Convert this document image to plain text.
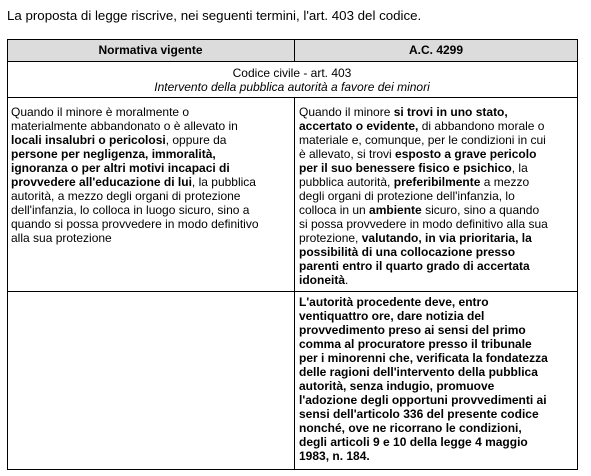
La proposta di legge riscrive, nei seguenti termini, l'art. 403 del codice.
Normativa vigente	A.C. 4299
Codice civile - art. 403
Intervento della pubblica autorità a favore dei minori
Quando il minore è moralmente o
materialmente abbandonato o è allevato in
locali insalubri o pericolosi, oppure da
persone per negligenza, immoralità,
ignoranza o per altri motivi incapaci di
provvedere all'educazione di lui, la pubblica
autorità, a mezzo degli organi di protezione
dell'infanzia, lo colloca in luogo sicuro, sino a
quando si possa provvedere in modo definitivo
alla sua protezione
Quando il minore si trovi in uno stato,
accertato o evidente, di abbandono morale o
materiale e, comunque, per le condizioni in cui
è allevato, si trovi esposto a grave pericolo
per il suo benessere fisico e psichico, la
pubblica autorità, preferibilmente a mezzo
degli organi di protezione dell'infanzia, lo
colloca in un ambiente sicuro, sino a quando
si possa provvedere in modo definitivo alla sua
protezione, valutando, in via prioritaria, la
possibilità di una collocazione presso
parenti entro il quarto grado di accertata
idoneità.
L'autorità procedente deve, entro
ventiquattro ore, dare notizia del
provvedimento preso ai sensi del primo
comma al procuratore presso il tribunale
per i minorenni che, verificata la fondatezza
delle ragioni dell'intervento della pubblica
autorità, senza indugio, promuove
l'adozione degli opportuni provvedimenti ai
sensi dell'articolo 336 del presente codice
nonché, ove ne ricorrano le condizioni,
degli articoli 9 e 10 della legge 4 maggio
1983, n. 184.
